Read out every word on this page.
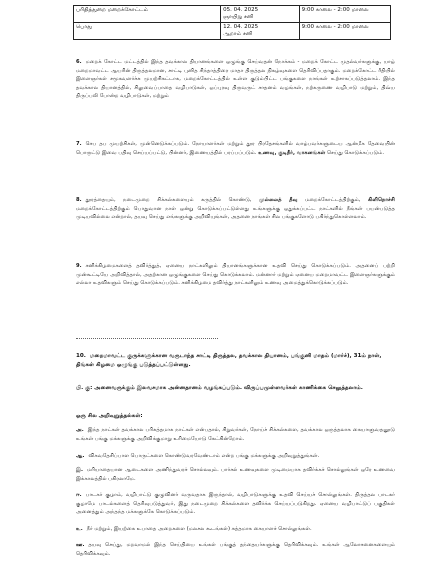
பரிதித்துறை மறைக்கோட்டம்	05. 04. 2025
ஞாயிறு சனி	9:00 காலை - 2:00 மாலை
பொது	12. 04. 2025
ஆறாம் சனி	9:00 காலை - 2:00 மாலை

6. மறைக் கோட்ட மட்டத்தில் இந்த தவக்கால தியானங்களை ஒழுங்கு செய்வதன் நோக்கம் - மறைக் கோட்ட முதல்வர்களுக்கு, யாழ் மறைமாவட்ட ஆயரின் திருத்தலமான, சாட்டி புனித சிந்தாத்திரை மாதா திருத்தல நிகழ்வுகளை தெரிவிப்பதாகும். மறைக்கோட்ட ரீதியில் இளைஞர்கள் சமூகவளர்ச்சு முயற்சிகட்டாக, மறைக்கோட்டத்தில் உள்ள குடும்பிட்ட பங்குகளை நாங்கள் உற்சாகப்படுத்தலாம். இந்த தவக்கால தியானத்தில், சிலுவைப்பாதை வழிபாடுகள், ஒப்புரவு திருவருட் சாதனம் வழங்கள், நற்கருணை வழிபாடு மற்றும், திவ்ய திருப்பலி போன்ற வழிபாடுகள், மற்றும்

7. செப தப முயற்சிகள், முன்னெடுக்கப்படும். நோயாளர்கள் மற்றும் தூர பிரதேசங்களில் வாழ்பவர்களுடைய ஆன்மீக தேவையின் பொருட்டு இவை பதிவு செய்யப்பட்டு, பின்னர், இணையத்தில் பரப்பப்படும். உணவு, குடிநீர், வாகனங்கள் செய்து கொடுக்கப்படும்.

8. தூரத்தையும், நடைமுறை சிக்கல்களையும் கருத்தில் கொண்டு, முல்லைத் தீவு மறைக்கோட்டத்திற்கும், கிளிநொச்சி மறைக்கோட்டத்திற்கும் பொதுவான நாள் ஒன்று கொடுக்கப்பட்டுள்ளது உங்களுக்கு ஒதுக்கப்பட்ட நாட்களில் நீங்கள் பயன்படுத்த முடியவில்லை என்றால், தயவு செய்து எங்களுக்கு அறிவியுங்கள், அதனை நாங்கள் சில பங்குகளோடு பகிர்ந்துகொள்ளலாம்.

9. சனிக்கிழமைகளைத் தவிர்த்துத், ஏனைய நாட்களிலும் தியானங்களுக்கான உதவி செய்து கொடுக்கப்படும். அதனைப் பற்றி முன்கூட்டியே அறிவித்தால், அதற்கான ஒழுங்குகளை செய்து கொடுக்கலாம். மன்னார் மற்றும் ஏனைய மறைமாவட்ட இளைஞர்களுக்கும் எல்லா உதவிகளும் செய்து கொடுக்கப்படும். சனிக்கிழமை தவிர்த்து நாட்களிலும் உணவு அமைத்துக்கொடுக்கப்படும்.

10. மறைமாவட்ட குருக்களுக்கான வருடாந்த சாட்டி திருத்தல, தவக்கால தியானம், பங்குனி மாதம் (மார்ச்), 31ம் நாள், திங்கள் கிழமை ஒழுங்கு படுத்தப்பட்டுள்ளது.

பி. கு: அனைவருக்கும் இலவசமாக அன்னதானம் வழங்கப்படும். விருப்பமுள்ளவர்கள் காணிக்கை செலுத்தலாம்.

ஒரு சில அறிவுறுத்தல்கள்:

அ. இந்த நாட்கள் தவக்கால பரிசுத்தமாக நாட்கள் என்பதால், சிறுவர்கள், நோய்ச் சிக்கல்களை, தவக்கால ஒருத்தலாக கையாளுவதனூடு உங்கள் பங்கு மக்களுக்கு அறிவிக்குமாறு உரிமையோடு கேட்கின்றோம்.

ஆ. விசுவதேசிப்பாள பொருட்களை கொண்டுவரவேண்டாம் என்ற பங்கு மக்களுக்கு அறிவுறுத்துங்கள்.

இ. மரியாதையான ஆடைகளை அணிந்துவரச் சொல்லவும். பார்சல் உணவுகளை முடிமையாக தவிர்க்கச் சொல்லுங்கள் ஒரே உணவை இக்காலத்தில் பகிரலாமே.

ஈ. பாடகர் குழாம், வழிபாட்டு குழுவினர் வருவதாக இருந்தால், வழிபாடுகளுக்கு உதவி செய்யச் சொல்லுங்கள். திருத்தல பாடகர் குழாமே பாடல்களைத் தெரிவுபடுத்துவர், இது நடைமுறை சிக்கல்களை தவிர்க்க செய்யப்படுகிறது. ஏனைய வழிபாட்டுப் பகுதிகள் அனைத்தும் அந்தந்த மக்களுக்கே கொடுக்கப்படும்.

உ. நீர் மற்றும், இயற்கை உபாதை அறைகளை (மலசல கூடங்கள்) சுத்தமாக கையாளச் சொல்லுங்கள்.

ஊ. தயவு செய்து, மறவாமல் இந்த செய்தியை உங்கள் பங்குத் தந்தையர்களுக்கு தெரிவிக்கவும். உங்கள் ஆலோசனைகளையும் தெரிவிக்கவும்.
